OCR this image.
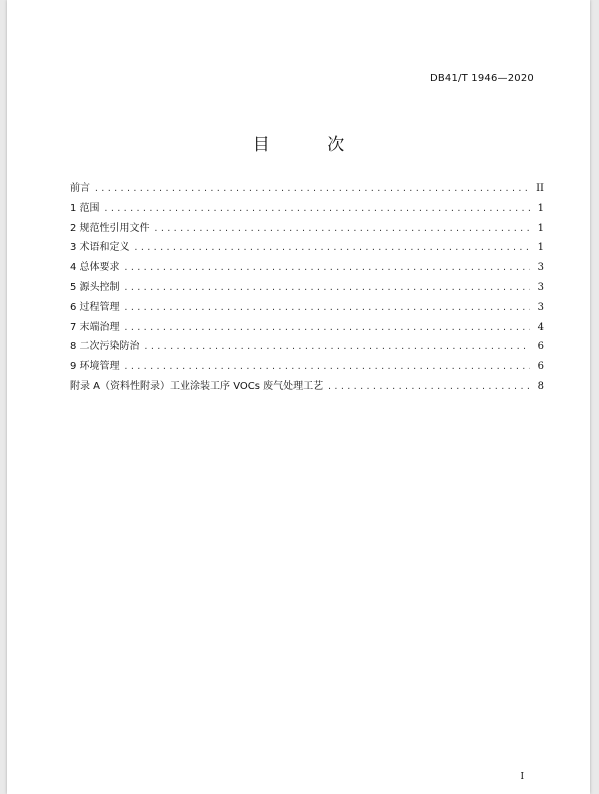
DB41/T 1946—2020
目 次
前言 .....	II
1 范围 .....	1
2 规范性引用文件 .....	1
3 术语和定义 .....	1
4 总体要求 .....	3
5 源头控制 .....	3
6 过程管理 .....	3
7 末端治理 .....	4
8 二次污染防治 .....	6
9 环境管理 .....	6
附录 A（资料性附录）工业涂装工序 VOCs 废气处理工艺 .....	8
I
